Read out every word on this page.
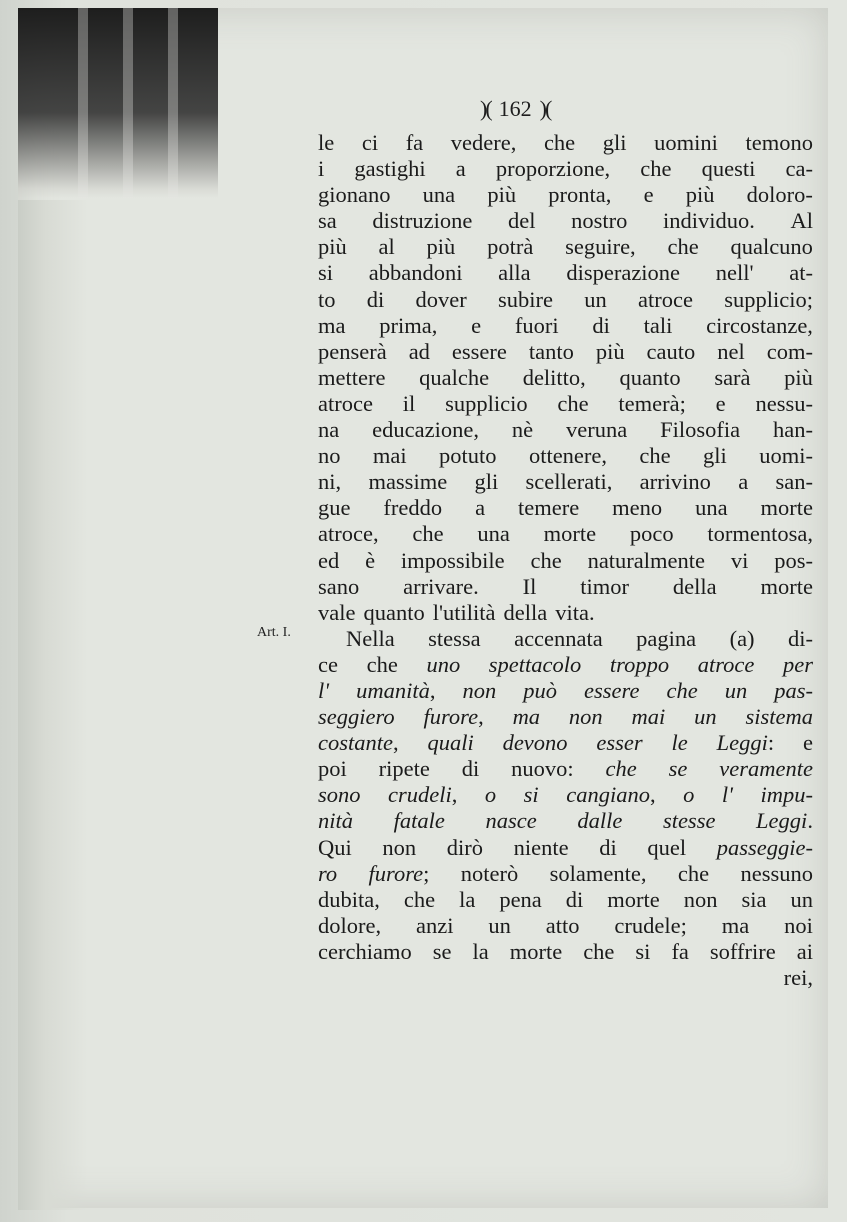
)( 162 )(
Art. I.
le ci fa vedere, che gli uomini temono
i gastighi a proporzione, che questi ca-
gionano una più pronta, e più doloro-
sa distruzione del nostro individuo. Al
più al più potrà seguire, che qualcuno
si abbandoni alla disperazione nell' at-
to di dover subire un atroce supplicio;
ma prima, e fuori di tali circostanze,
penserà ad essere tanto più cauto nel com-
mettere qualche delitto, quanto sarà più
atroce il supplicio che temerà; e nessu-
na educazione, nè veruna Filosofia han-
no mai potuto ottenere, che gli uomi-
ni, massime gli scellerati, arrivino a san-
gue freddo a temere meno una morte
atroce, che una morte poco tormentosa,
ed è impossibile che naturalmente vi pos-
sano arrivare. Il timor della morte
vale quanto l'utilità della vita.
Nella stessa accennata pagina (a) di-
ce che uno spettacolo troppo atroce per
l' umanità, non può essere che un pas-
seggiero furore, ma non mai un sistema
costante, quali devono esser le Leggi: e
poi ripete di nuovo: che se veramente
sono crudeli, o si cangiano, o l' impu-
nità fatale nasce dalle stesse Leggi.
Qui non dirò niente di quel passeggie-
ro furore; noterò solamente, che nessuno
dubita, che la pena di morte non sia un
dolore, anzi un atto crudele; ma noi
cerchiamo se la morte che si fa soffrire ai
rei,
